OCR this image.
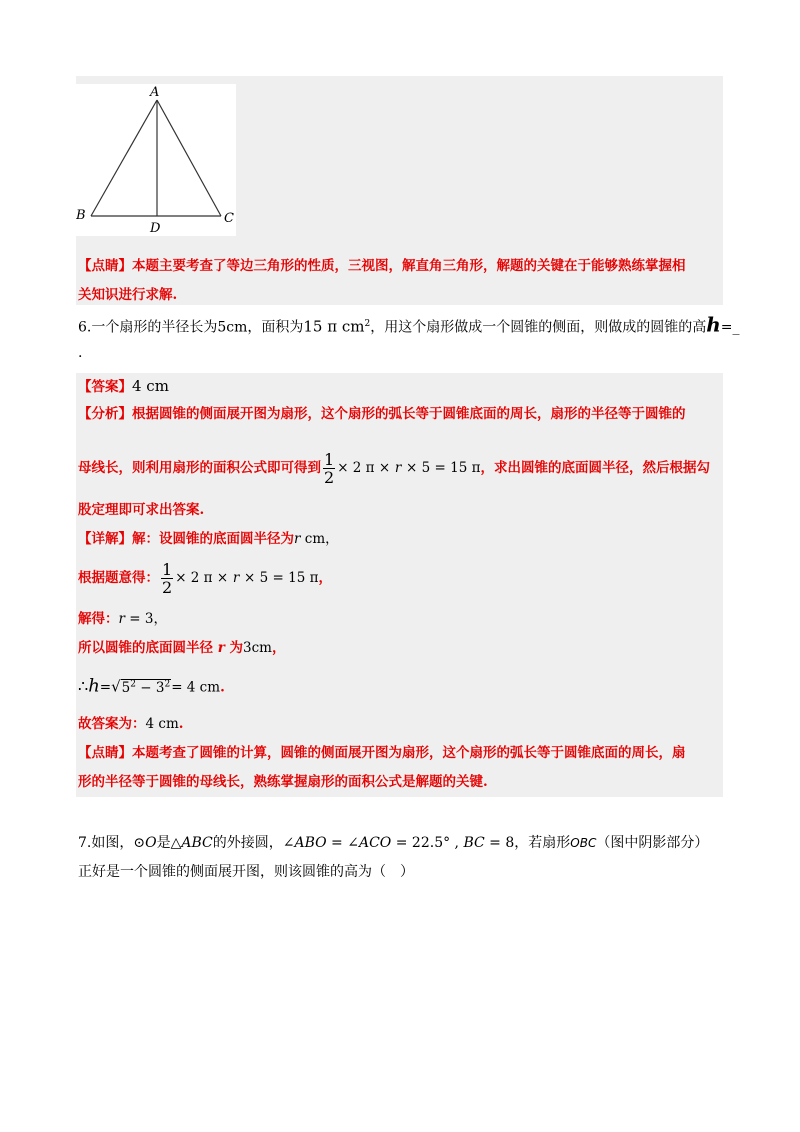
A
B	C
D
【点睛】本题主要考查了等边三角形的性质，三视图，解直角三角形，解题的关键在于能够熟练掌握相
关知识进行求解.
6.一个扇形的半径长为5cm，面积为15 π $cm^2$，用这个扇形做成一个圆锥的侧面，则做成的圆锥的高h=_
.
【答案】4 cm
【分析】根据圆锥的侧面展开图为扇形，这个扇形的弧长等于圆锥底面的周长，扇形的半径等于圆锥的
母线长，则利用扇形的面积公式即可得到 $\frac{1}{2} \times 2$ π × r × 5 = 15 π，求出圆锥的底面圆半径，然后根据勾
股定理即可求出答案.
【详解】解：设圆锥的底面圆半径为r cm，
根据题意得： $\frac{1}{2} \times 2$ π × r × 5 = 15 π，
解得：r = 3，
所以圆锥的底面圆半径 r 为3cm，
$\therefore h=√5^2 - 3^2= 4$ cm.
故答案为：4 cm.
【点睛】本题考查了圆锥的计算，圆锥的侧面展开图为扇形，这个扇形的弧长等于圆锥底面的周长，扇
形的半径等于圆锥的母线长，熟练掌握扇形的面积公式是解题的关键.
7.如图，⊙O是△ABC的外接圆，∠ABO = ∠ACO = 22.5° , BC = 8，若扇形OBC（图中阴影部分）
正好是一个圆锥的侧面展开图，则该圆锥的高为（　）
